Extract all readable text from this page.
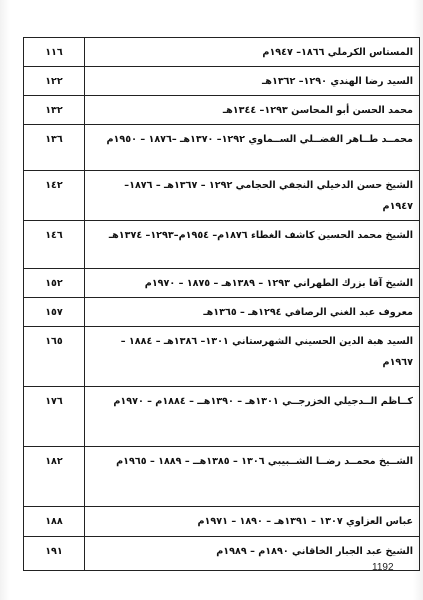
المستاس الكرملي ١٨٦٦– ١٩٤٧م	١١٦
السيد رضا الهندي ١٢٩٠– ١٣٦٢هـ	١٢٢
محمد الحسن أبو المحاسن ١٢٩٣– ١٣٤٤هـ	١٣٢
محمــد طــاهر الفضــلي الســماوي ١٢٩٢– ١٣٧٠هـ –١٨٧٦ – ١٩٥٠م	١٣٦
الشيخ حسن الدخيلي النجفي الحجامي ١٢٩٢ – ١٣٦٧هـ – ١٨٧٦– ١٩٤٧م	١٤٢
الشيخ محمد الحسين كاشف الغطاء ١٨٧٦م– ١٩٥٤م–١٢٩٣– ١٣٧٤هـ	١٤٦
الشيخ آقا بزرك الطهراني ١٢٩٣ – ١٣٨٩هـ – ١٨٧٥ – ١٩٧٠م	١٥٢
معروف عبد الغني الرصافي ١٢٩٤هـ – ١٣٦٥هـ	١٥٧
السيد هبة الدين الحسيني الشهرستاني ١٣٠١– ١٣٨٦هـ – ١٨٨٤ – ١٩٦٧م	١٦٥
كــاظم الــدجيلي الخزرجــي ١٣٠١هـ – ١٣٩٠هــ – ١٨٨٤م – ١٩٧٠م	١٧٦
الشــيخ محمــد رضــا الشــبيبي ١٣٠٦ – ١٣٨٥هــ – ١٨٨٩ – ١٩٦٥م	١٨٢
عباس العزاوي ١٣٠٧ – ١٣٩١هـ – ١٨٩٠ – ١٩٧١م	١٨٨
الشيخ عبد الجبار الخاقاني ١٨٩٠م – ١٩٨٩م	١٩١
1192
